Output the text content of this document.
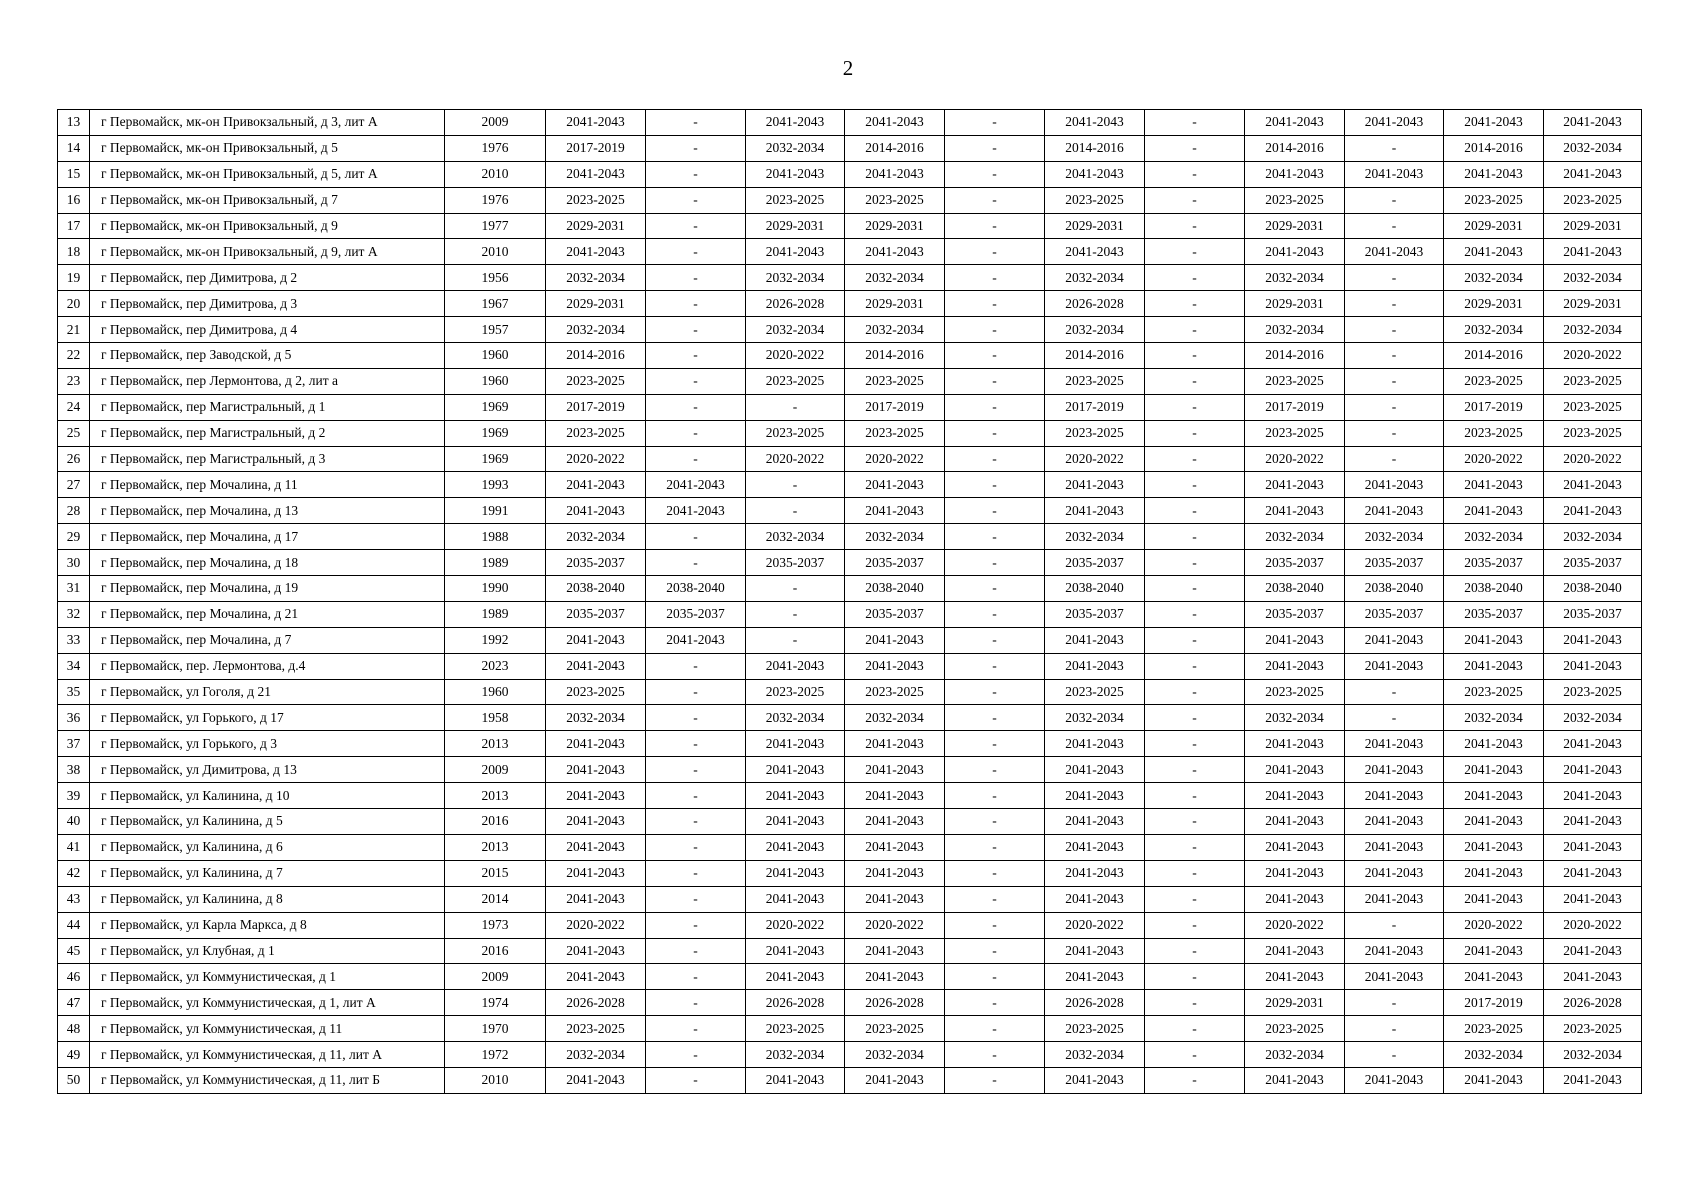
2
13	г Первомайск, мк-он Привокзальный, д 3, лит А	2009	2041-2043	-	2041-2043	2041-2043	-	2041-2043	-	2041-2043	2041-2043	2041-2043	2041-2043
14	г Первомайск, мк-он Привокзальный, д 5	1976	2017-2019	-	2032-2034	2014-2016	-	2014-2016	-	2014-2016	-	2014-2016	2032-2034
15	г Первомайск, мк-он Привокзальный, д 5, лит А	2010	2041-2043	-	2041-2043	2041-2043	-	2041-2043	-	2041-2043	2041-2043	2041-2043	2041-2043
16	г Первомайск, мк-он Привокзальный, д 7	1976	2023-2025	-	2023-2025	2023-2025	-	2023-2025	-	2023-2025	-	2023-2025	2023-2025
17	г Первомайск, мк-он Привокзальный, д 9	1977	2029-2031	-	2029-2031	2029-2031	-	2029-2031	-	2029-2031	-	2029-2031	2029-2031
18	г Первомайск, мк-он Привокзальный, д 9, лит А	2010	2041-2043	-	2041-2043	2041-2043	-	2041-2043	-	2041-2043	2041-2043	2041-2043	2041-2043
19	г Первомайск, пер Димитрова, д 2	1956	2032-2034	-	2032-2034	2032-2034	-	2032-2034	-	2032-2034	-	2032-2034	2032-2034
20	г Первомайск, пер Димитрова, д 3	1967	2029-2031	-	2026-2028	2029-2031	-	2026-2028	-	2029-2031	-	2029-2031	2029-2031
21	г Первомайск, пер Димитрова, д 4	1957	2032-2034	-	2032-2034	2032-2034	-	2032-2034	-	2032-2034	-	2032-2034	2032-2034
22	г Первомайск, пер Заводской, д 5	1960	2014-2016	-	2020-2022	2014-2016	-	2014-2016	-	2014-2016	-	2014-2016	2020-2022
23	г Первомайск, пер Лермонтова, д 2, лит а	1960	2023-2025	-	2023-2025	2023-2025	-	2023-2025	-	2023-2025	-	2023-2025	2023-2025
24	г Первомайск, пер Магистральный, д 1	1969	2017-2019	-	-	2017-2019	-	2017-2019	-	2017-2019	-	2017-2019	2023-2025
25	г Первомайск, пер Магистральный, д 2	1969	2023-2025	-	2023-2025	2023-2025	-	2023-2025	-	2023-2025	-	2023-2025	2023-2025
26	г Первомайск, пер Магистральный, д 3	1969	2020-2022	-	2020-2022	2020-2022	-	2020-2022	-	2020-2022	-	2020-2022	2020-2022
27	г Первомайск, пер Мочалина, д 11	1993	2041-2043	2041-2043	-	2041-2043	-	2041-2043	-	2041-2043	2041-2043	2041-2043	2041-2043
28	г Первомайск, пер Мочалина, д 13	1991	2041-2043	2041-2043	-	2041-2043	-	2041-2043	-	2041-2043	2041-2043	2041-2043	2041-2043
29	г Первомайск, пер Мочалина, д 17	1988	2032-2034	-	2032-2034	2032-2034	-	2032-2034	-	2032-2034	2032-2034	2032-2034	2032-2034
30	г Первомайск, пер Мочалина, д 18	1989	2035-2037	-	2035-2037	2035-2037	-	2035-2037	-	2035-2037	2035-2037	2035-2037	2035-2037
31	г Первомайск, пер Мочалина, д 19	1990	2038-2040	2038-2040	-	2038-2040	-	2038-2040	-	2038-2040	2038-2040	2038-2040	2038-2040
32	г Первомайск, пер Мочалина, д 21	1989	2035-2037	2035-2037	-	2035-2037	-	2035-2037	-	2035-2037	2035-2037	2035-2037	2035-2037
33	г Первомайск, пер Мочалина, д 7	1992	2041-2043	2041-2043	-	2041-2043	-	2041-2043	-	2041-2043	2041-2043	2041-2043	2041-2043
34	г Первомайск, пер. Лермонтова, д.4	2023	2041-2043	-	2041-2043	2041-2043	-	2041-2043	-	2041-2043	2041-2043	2041-2043	2041-2043
35	г Первомайск, ул Гоголя, д 21	1960	2023-2025	-	2023-2025	2023-2025	-	2023-2025	-	2023-2025	-	2023-2025	2023-2025
36	г Первомайск, ул Горького, д 17	1958	2032-2034	-	2032-2034	2032-2034	-	2032-2034	-	2032-2034	-	2032-2034	2032-2034
37	г Первомайск, ул Горького, д 3	2013	2041-2043	-	2041-2043	2041-2043	-	2041-2043	-	2041-2043	2041-2043	2041-2043	2041-2043
38	г Первомайск, ул Димитрова, д 13	2009	2041-2043	-	2041-2043	2041-2043	-	2041-2043	-	2041-2043	2041-2043	2041-2043	2041-2043
39	г Первомайск, ул Калинина, д 10	2013	2041-2043	-	2041-2043	2041-2043	-	2041-2043	-	2041-2043	2041-2043	2041-2043	2041-2043
40	г Первомайск, ул Калинина, д 5	2016	2041-2043	-	2041-2043	2041-2043	-	2041-2043	-	2041-2043	2041-2043	2041-2043	2041-2043
41	г Первомайск, ул Калинина, д 6	2013	2041-2043	-	2041-2043	2041-2043	-	2041-2043	-	2041-2043	2041-2043	2041-2043	2041-2043
42	г Первомайск, ул Калинина, д 7	2015	2041-2043	-	2041-2043	2041-2043	-	2041-2043	-	2041-2043	2041-2043	2041-2043	2041-2043
43	г Первомайск, ул Калинина, д 8	2014	2041-2043	-	2041-2043	2041-2043	-	2041-2043	-	2041-2043	2041-2043	2041-2043	2041-2043
44	г Первомайск, ул Карла Маркса, д 8	1973	2020-2022	-	2020-2022	2020-2022	-	2020-2022	-	2020-2022	-	2020-2022	2020-2022
45	г Первомайск, ул Клубная, д 1	2016	2041-2043	-	2041-2043	2041-2043	-	2041-2043	-	2041-2043	2041-2043	2041-2043	2041-2043
46	г Первомайск, ул Коммунистическая, д 1	2009	2041-2043	-	2041-2043	2041-2043	-	2041-2043	-	2041-2043	2041-2043	2041-2043	2041-2043
47	г Первомайск, ул Коммунистическая, д 1, лит А	1974	2026-2028	-	2026-2028	2026-2028	-	2026-2028	-	2029-2031	-	2017-2019	2026-2028
48	г Первомайск, ул Коммунистическая, д 11	1970	2023-2025	-	2023-2025	2023-2025	-	2023-2025	-	2023-2025	-	2023-2025	2023-2025
49	г Первомайск, ул Коммунистическая, д 11, лит А	1972	2032-2034	-	2032-2034	2032-2034	-	2032-2034	-	2032-2034	-	2032-2034	2032-2034
50	г Первомайск, ул Коммунистическая, д 11, лит Б	2010	2041-2043	-	2041-2043	2041-2043	-	2041-2043	-	2041-2043	2041-2043	2041-2043	2041-2043
